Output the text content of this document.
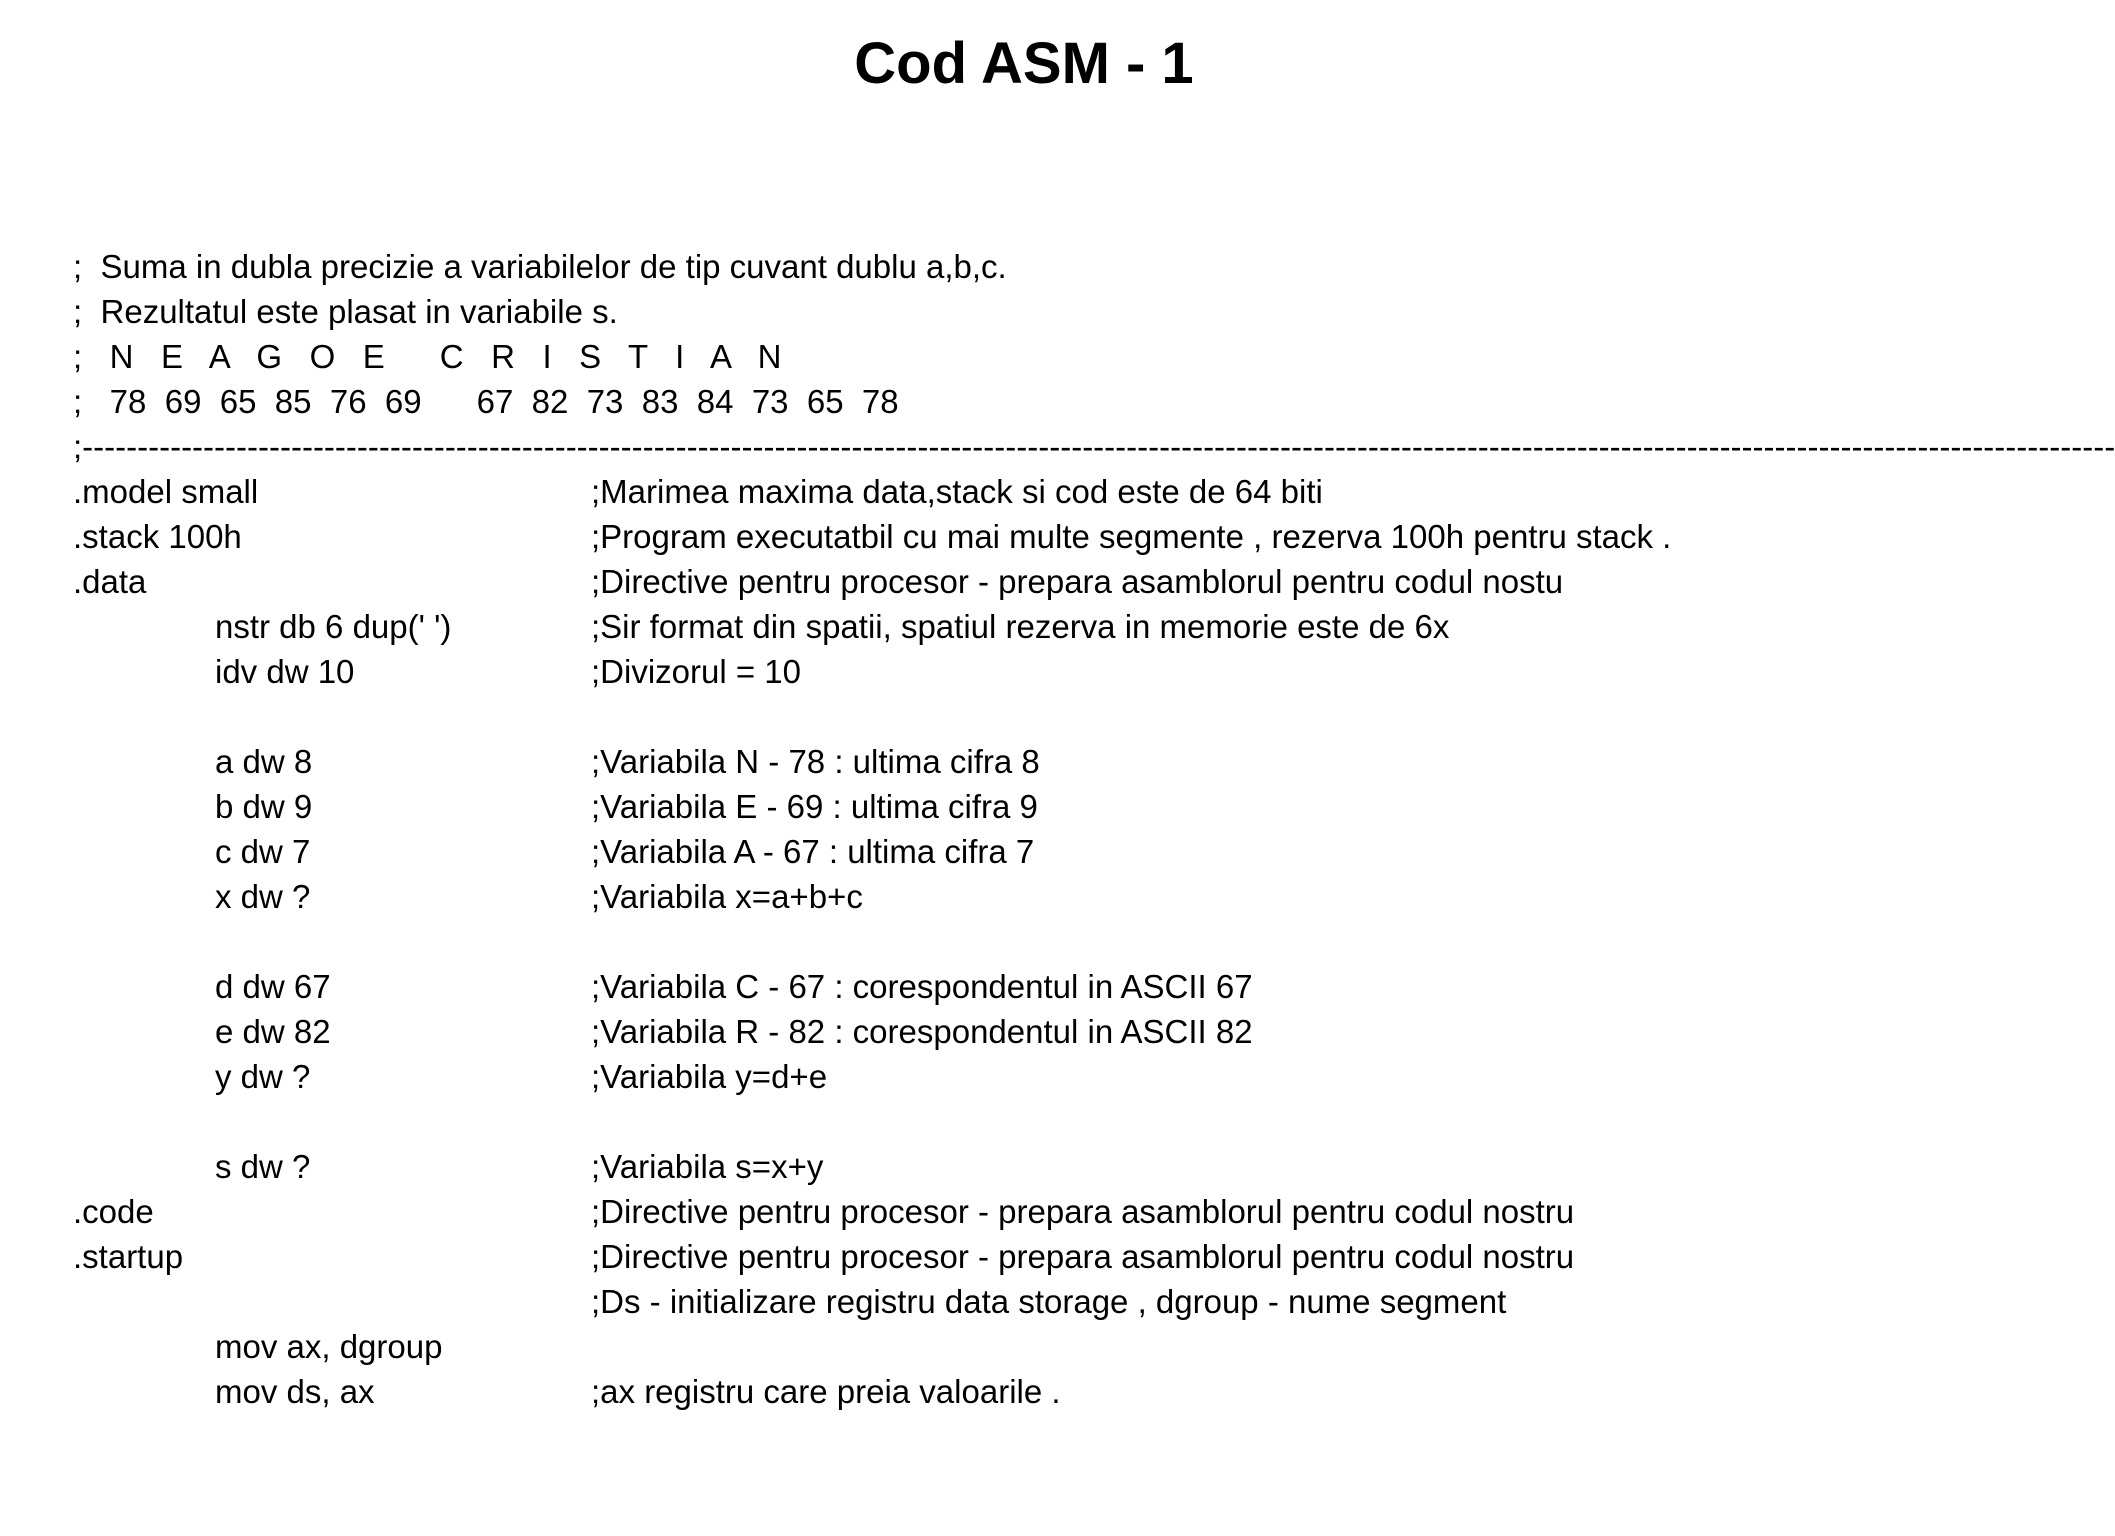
Cod ASM - 1
;  Suma in dubla precizie a variabilelor de tip cuvant dublu a,b,c.
;  Rezultatul este plasat in variabile s.
;   N   E   A   G   O   E      C   R   I   S   T   I   A   N
;   78  69  65  85  76  69      67  82  73  83  84  73  65  78
;-----------------------------------------------------------------------------------------------------------------------------------------------------------------------------------------
.model small	;Marimea maxima data,stack si cod este de 64 biti
.stack 100h	;Program executatbil cu mai multe segmente , rezerva 100h pentru stack .
.data	;Directive pentru procesor - prepara asamblorul pentru codul nostu
nstr db 6 dup(' ')	;Sir format din spatii, spatiul rezerva in memorie este de 6x
idv dw 10	;Divizorul = 10
a dw 8	;Variabila N - 78 : ultima cifra 8
b dw 9	;Variabila E - 69 : ultima cifra 9
c dw 7	;Variabila A - 67 : ultima cifra 7
x dw ?	;Variabila x=a+b+c
d dw 67	;Variabila C - 67 : corespondentul in ASCII 67
e dw 82	;Variabila R - 82 : corespondentul in ASCII 82
y dw ?	;Variabila y=d+e
s dw ?	;Variabila s=x+y
.code	;Directive pentru procesor - prepara asamblorul pentru codul nostru
.startup	;Directive pentru procesor - prepara asamblorul pentru codul nostru
;Ds - initializare registru data storage , dgroup - nume segment
mov ax, dgroup
mov ds, ax	;ax registru care preia valoarile .
